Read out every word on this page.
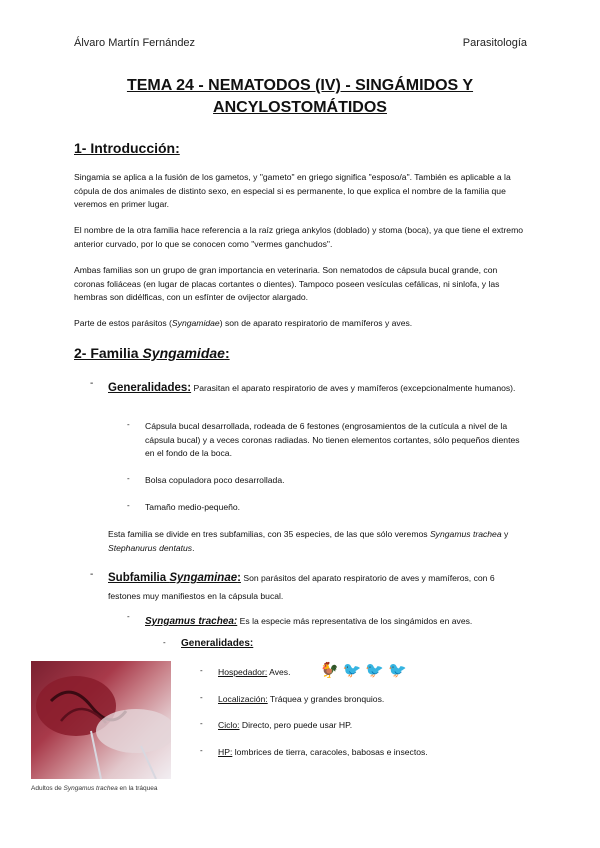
Álvaro Martín Fernández	Parasitología
TEMA 24 - NEMATODOS (IV) - SINGÁMIDOS Y
ANCYLOSTOMÁTIDOS
1- Introducción:
Singamia se aplica a la fusión de los gametos, y "gameto" en griego significa "esposo/a". También es aplicable a la cópula de dos animales de distinto sexo, en especial si es permanente, lo que explica el nombre de la familia que veremos en primer lugar.
El nombre de la otra familia hace referencia a la raíz griega ankylos (doblado) y stoma (boca), ya que tiene el extremo anterior curvado, por lo que se conocen como "vermes ganchudos".
Ambas familias son un grupo de gran importancia en veterinaria. Son nematodos de cápsula bucal grande, con coronas foliáceas (en lugar de placas cortantes o dientes). Tampoco poseen vesículas cefálicas, ni sinlofa, y las hembras son didélficas, con un esfínter de ovijector alargado.
Parte de estos parásitos (Syngamidae) son de aparato respiratorio de mamíferos y aves.
2- Familia Syngamidae:
- Generalidades: Parasitan el aparato respiratorio de aves y mamíferos (excepcionalmente humanos).
- Cápsula bucal desarrollada, rodeada de 6 festones (engrosamientos de la cutícula a nivel de la cápsula bucal) y a veces coronas radiadas. No tienen elementos cortantes, sólo pequeños dientes en el fondo de la boca.
- Bolsa copuladora poco desarrollada.
- Tamaño medio-pequeño.
Esta familia se divide en tres subfamilias, con 35 especies, de las que sólo veremos Syngamus trachea y Stephanurus dentatus.
- Subfamilia Syngaminae: Son parásitos del aparato respiratorio de aves y mamíferos, con 6 festones muy manifiestos en la cápsula bucal.
- Syngamus trachea: Es la especie más representativa de los singámidos en aves.
- Generalidades:
- Hospedador: Aves. 🐓🐦🐦🐦
- Localización: Tráquea y grandes bronquios.
- Ciclo: Directo, pero puede usar HP.
- HP: lombrices de tierra, caracoles, babosas e insectos.
Adultos de Syngamus trachea en la tráquea
